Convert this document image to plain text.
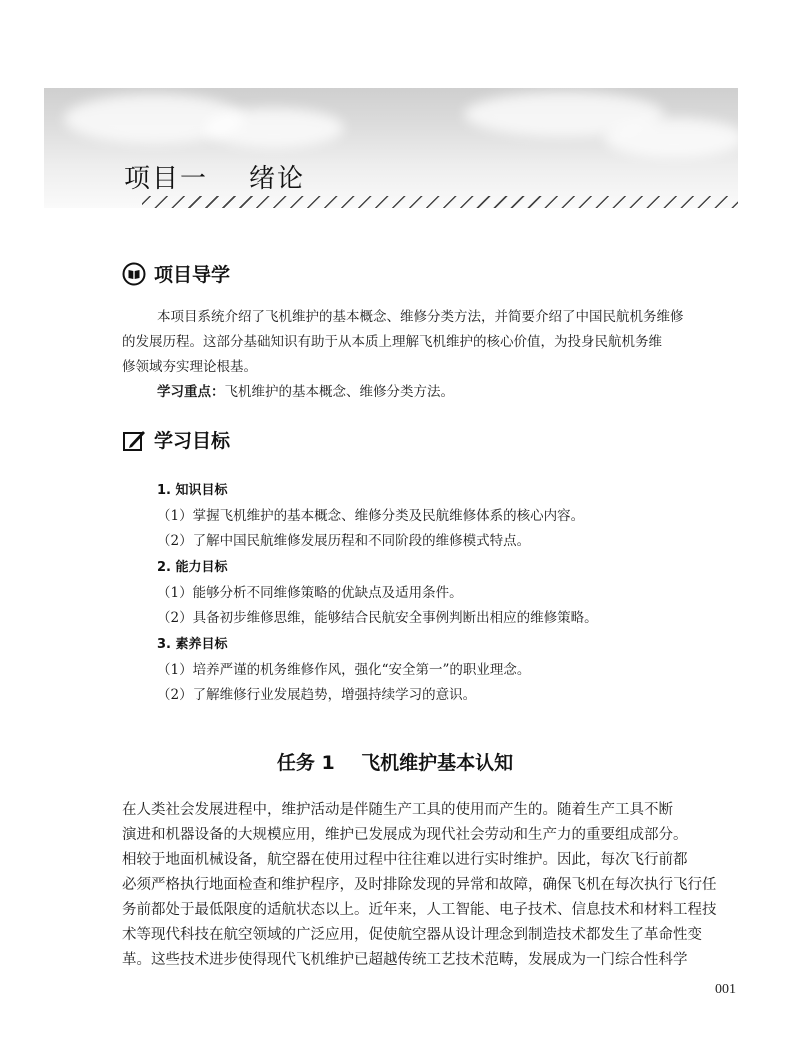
项目一    绪论
项目导学
本项目系统介绍了飞机维护的基本概念、维修分类方法，并简要介绍了中国民航机务维修
的发展历程。这部分基础知识有助于从本质上理解飞机维护的核心价值，为投身民航机务维
修领域夯实理论根基。
学习重点：飞机维护的基本概念、维修分类方法。
学习目标
1. 知识目标
（1）掌握飞机维护的基本概念、维修分类及民航维修体系的核心内容。
（2）了解中国民航维修发展历程和不同阶段的维修模式特点。
2. 能力目标
（1）能够分析不同维修策略的优缺点及适用条件。
（2）具备初步维修思维，能够结合民航安全事例判断出相应的维修策略。
3. 素养目标
（1）培养严谨的机务维修作风，强化“安全第一”的职业理念。
（2）了解维修行业发展趋势，增强持续学习的意识。
任务 1    飞机维护基本认知
在人类社会发展进程中，维护活动是伴随生产工具的使用而产生的。随着生产工具不断
演进和机器设备的大规模应用，维护已发展成为现代社会劳动和生产力的重要组成部分。
相较于地面机械设备，航空器在使用过程中往往难以进行实时维护。因此，每次飞行前都
必须严格执行地面检查和维护程序，及时排除发现的异常和故障，确保飞机在每次执行飞行任
务前都处于最低限度的适航状态以上。近年来，人工智能、电子技术、信息技术和材料工程技
术等现代科技在航空领域的广泛应用，促使航空器从设计理念到制造技术都发生了革命性变
革。这些技术进步使得现代飞机维护已超越传统工艺技术范畴，发展成为一门综合性科学
001
